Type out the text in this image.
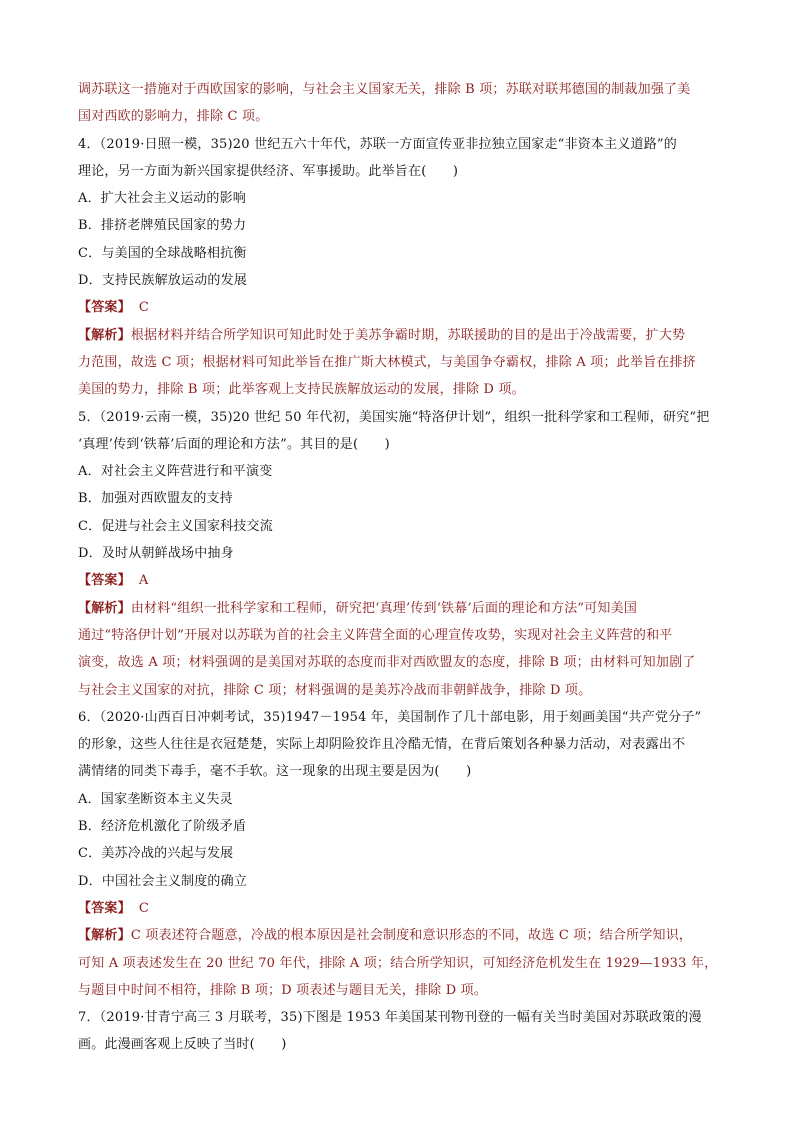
调苏联这一措施对于西欧国家的影响，与社会主义国家无关，排除 B 项；苏联对联邦德国的制裁加强了美
国对西欧的影响力，排除 C 项。
4．（2019·日照一模，35)20 世纪五六十年代，苏联一方面宣传亚非拉独立国家走“非资本主义道路”的
理论，另一方面为新兴国家提供经济、军事援助。此举旨在(　　)
A．扩大社会主义运动的影响
B．排挤老牌殖民国家的势力
C．与美国的全球战略相抗衡
D．支持民族解放运动的发展
【答案】 C
【解析】根据材料并结合所学知识可知此时处于美苏争霸时期，苏联援助的目的是出于冷战需要，扩大势
力范围，故选 C 项；根据材料可知此举旨在推广斯大林模式，与美国争夺霸权，排除 A 项；此举旨在排挤
美国的势力，排除 B 项；此举客观上支持民族解放运动的发展，排除 D 项。
5．（2019·云南一模，35)20 世纪 50 年代初，美国实施“特洛伊计划”，组织一批科学家和工程师，研究“把
‘真理’传到‘铁幕’后面的理论和方法”。其目的是(　　)
A．对社会主义阵营进行和平演变
B．加强对西欧盟友的支持
C．促进与社会主义国家科技交流
D．及时从朝鲜战场中抽身
【答案】 A
【解析】由材料“组织一批科学家和工程师，研究把‘真理’传到‘铁幕’后面的理论和方法”可知美国
通过“特洛伊计划”开展对以苏联为首的社会主义阵营全面的心理宣传攻势，实现对社会主义阵营的和平
演变，故选 A 项；材料强调的是美国对苏联的态度而非对西欧盟友的态度，排除 B 项；由材料可知加剧了
与社会主义国家的对抗，排除 C 项；材料强调的是美苏冷战而非朝鲜战争，排除 D 项。
6．（2020·山西百日冲刺考试，35)1947－1954 年，美国制作了几十部电影，用于刻画美国“共产党分子”
的形象，这些人往往是衣冠楚楚，实际上却阴险狡诈且冷酷无情，在背后策划各种暴力活动，对表露出不
满情绪的同类下毒手，毫不手软。这一现象的出现主要是因为(　　)
A．国家垄断资本主义失灵
B．经济危机激化了阶级矛盾
C．美苏冷战的兴起与发展
D．中国社会主义制度的确立
【答案】 C
【解析】C 项表述符合题意，冷战的根本原因是社会制度和意识形态的不同，故选 C 项；结合所学知识，
可知 A 项表述发生在 20 世纪 70 年代，排除 A 项；结合所学知识，可知经济危机发生在 1929—1933 年，
与题目中时间不相符，排除 B 项；D 项表述与题目无关，排除 D 项。
7．（2019·甘青宁高三 3 月联考，35)下图是 1953 年美国某刊物刊登的一幅有关当时美国对苏联政策的漫
画。此漫画客观上反映了当时(　　)
